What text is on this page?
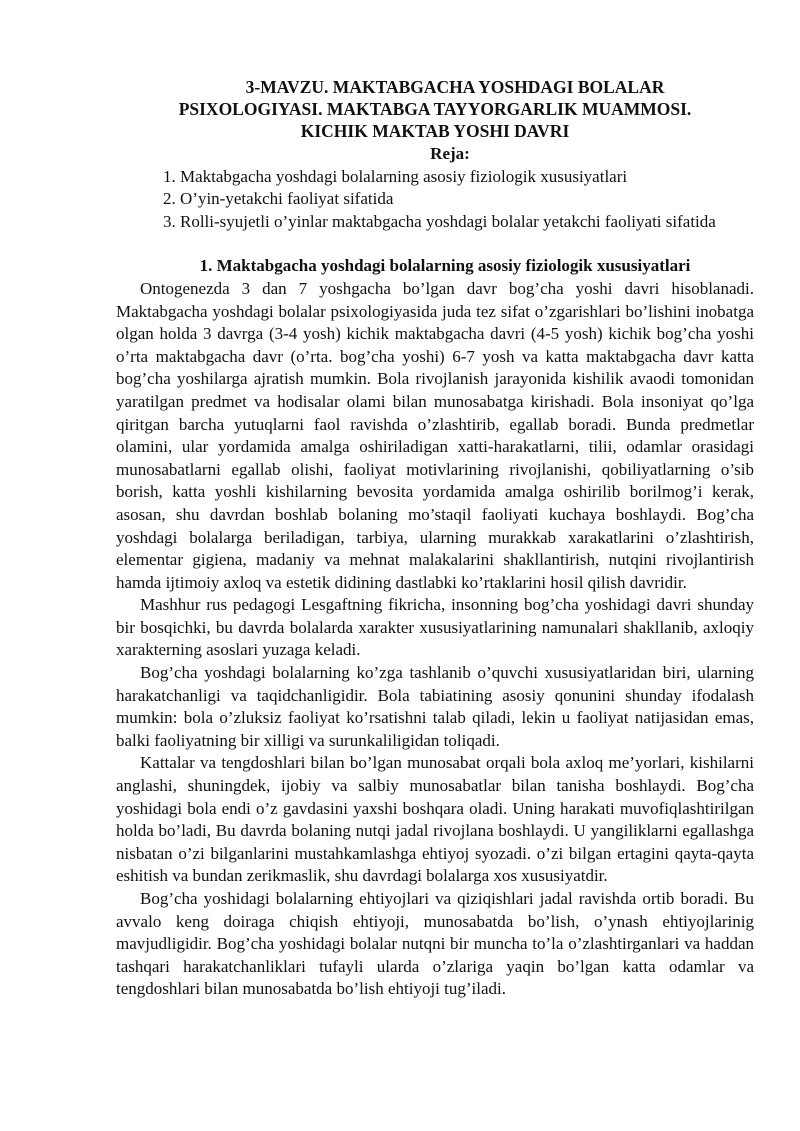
3-MAVZU. MAKTABGACHA YOSHDAGI BOLALAR
PSIXOLOGIYASI. MAKTABGA TAYYORGARLIK MUAMMOSI.
KICHIK MAKTAB YOSHI DAVRI
Reja:
1. Maktabgacha yoshdagi bolalarning asosiy fiziologik xususiyatlari
2. O’yin-yetakchi faoliyat sifatida
3. Rolli-syujetli o’yinlar maktabgacha yoshdagi bolalar yetakchi faoliyati sifatida
1. Maktabgacha yoshdagi bolalarning asosiy fiziologik xususiyatlari
Ontogenezda 3 dan 7 yoshgacha bo’lgan davr bog’cha yoshi davri hisoblanadi. Maktabgacha yoshdagi bolalar psixologiyasida juda tez sifat o’zgarishlari bo’lishini inobatga olgan holda 3 davrga (3-4 yosh) kichik maktabgacha davri (4-5 yosh) kichik bog’cha yoshi o’rta maktabgacha davr (o’rta. bog’cha yoshi) 6-7 yosh va katta maktabgacha davr katta bog’cha yoshilarga ajratish mumkin. Bola rivojlanish jarayonida kishilik avaodi tomonidan yaratilgan predmet va hodisalar olami bilan munosabatga kirishadi. Bola insoniyat qo’lga qiritgan barcha yutuqlarni faol ravishda o’zlashtirib, egallab boradi. Bunda predmetlar olamini, ular yordamida amalga oshiriladigan xatti-harakatlarni, tilii, odamlar orasidagi munosabatlarni egallab olishi, faoliyat motivlarining rivojlanishi, qobiliyatlarning o’sib borish, katta yoshli kishilarning bevosita yordamida amalga oshirilib borilmog’i kerak, asosan, shu davrdan boshlab bolaning mo’staqil faoliyati kuchaya boshlaydi. Bog’cha yoshdagi bolalarga beriladigan, tarbiya, ularning murakkab xarakatlarini o’zlashtirish, elementar gigiena, madaniy va mehnat malakalarini shakllantirish, nutqini rivojlantirish hamda ijtimoiy axloq va estetik didining dastlabki ko’rtaklarini hosil qilish davridir.
Mashhur rus pedagogi Lesgaftning fikricha, insonning bog’cha yoshidagi davri shunday bir bosqichki, bu davrda bolalarda xarakter xususiyatlarining namunalari shakllanib, axloqiy xarakterning asoslari yuzaga keladi.
Bog’cha yoshdagi bolalarning ko’zga tashlanib o’quvchi xususiyatlaridan biri, ularning harakatchanligi va taqidchanligidir. Bola tabiatining asosiy qonunini shunday ifodalash mumkin: bola o’zluksiz faoliyat ko’rsatishni talab qiladi, lekin u faoliyat natijasidan emas, balki faoliyatning bir xilligi va surunkaliligidan toliqadi.
Kattalar va tengdoshlari bilan bo’lgan munosabat orqali bola axloq me’yorlari, kishilarni anglashi, shuningdek, ijobiy va salbiy munosabatlar bilan tanisha boshlaydi. Bog’cha yoshidagi bola endi o’z gavdasini yaxshi boshqara oladi. Uning harakati muvofiqlashtirilgan holda bo’ladi, Bu davrda bolaning nutqi jadal rivojlana boshlaydi. U yangiliklarni egallashga nisbatan o’zi bilganlarini mustahkamlashga ehtiyoj syozadi. o’zi bilgan ertagini qayta-qayta eshitish va bundan zerikmaslik, shu davrdagi bolalarga xos xususiyatdir.
Bog’cha yoshidagi bolalarning ehtiyojlari va qiziqishlari jadal ravishda ortib boradi. Bu avvalo keng doiraga chiqish ehtiyoji, munosabatda bo’lish, o’ynash ehtiyojlarinig mavjudligidir. Bog’cha yoshidagi bolalar nutqni bir muncha to’la o’zlashtirganlari va haddan tashqari harakatchanliklari tufayli ularda o’zlariga yaqin bo’lgan katta odamlar va tengdoshlari bilan munosabatda bo’lish ehtiyoji tug’iladi.
